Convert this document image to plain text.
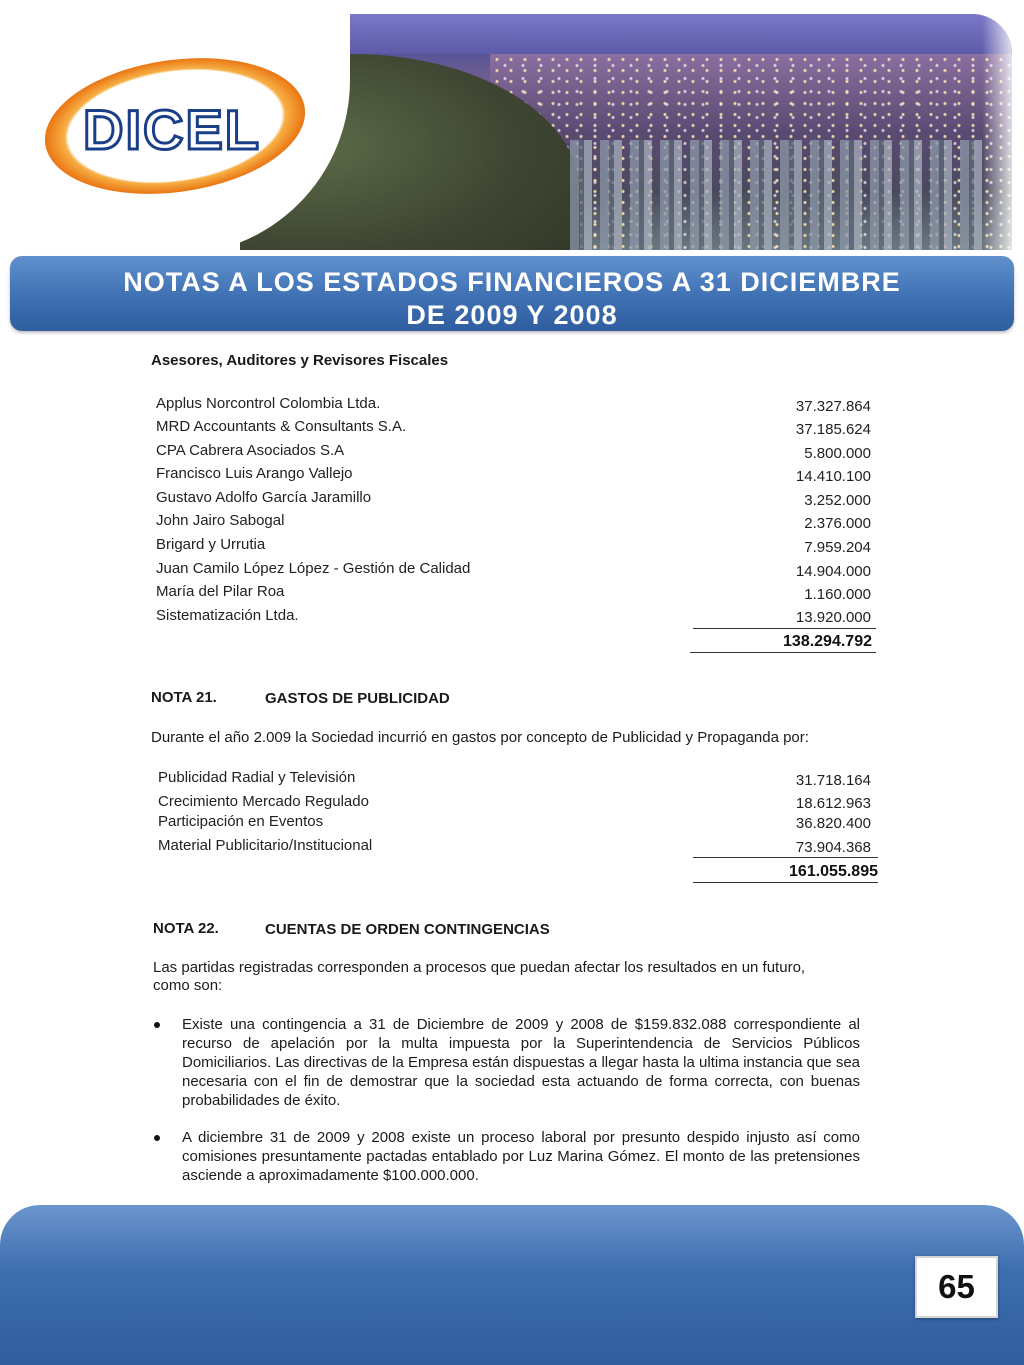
DICEL
NOTAS A LOS ESTADOS FINANCIEROS A 31 DICIEMBRE
DE 2009 Y 2008
Asesores, Auditores y Revisores Fiscales
Applus Norcontrol Colombia Ltda.	37.327.864
MRD Accountants & Consultants S.A.	37.185.624
CPA Cabrera Asociados S.A	5.800.000
Francisco Luis Arango Vallejo	14.410.100
Gustavo Adolfo García Jaramillo	3.252.000
John Jairo Sabogal	2.376.000
Brigard y Urrutia	7.959.204
Juan Camilo López López - Gestión de Calidad	14.904.000
María del Pilar Roa	1.160.000
Sistematización Ltda.	13.920.000
138.294.792
NOTA 21.	GASTOS DE PUBLICIDAD
Durante el año 2.009 la Sociedad incurrió en gastos por concepto de Publicidad y Propaganda por:
Publicidad Radial y Televisión	31.718.164
Crecimiento Mercado Regulado	18.612.963
Participación en Eventos	36.820.400
Material Publicitario/Institucional	73.904.368
161.055.895
NOTA 22.	CUENTAS DE ORDEN CONTINGENCIAS
Las partidas registradas corresponden a procesos que puedan afectar los resultados en un futuro,
como son:
Existe una contingencia a 31 de Diciembre de 2009 y 2008 de $159.832.088 correspondiente al recurso de apelación por la multa impuesta por la Superintendencia de Servicios Públicos Domiciliarios. Las directivas de la Empresa están dispuestas a llegar hasta la ultima instancia que sea necesaria con el fin de demostrar que la sociedad esta actuando de forma correcta, con buenas probabilidades de éxito.
A diciembre 31 de 2009 y 2008 existe un proceso laboral por presunto despido injusto así como comisiones presuntamente pactadas entablado por Luz Marina Gómez. El monto de las pretensiones asciende a aproximadamente $100.000.000.
65
